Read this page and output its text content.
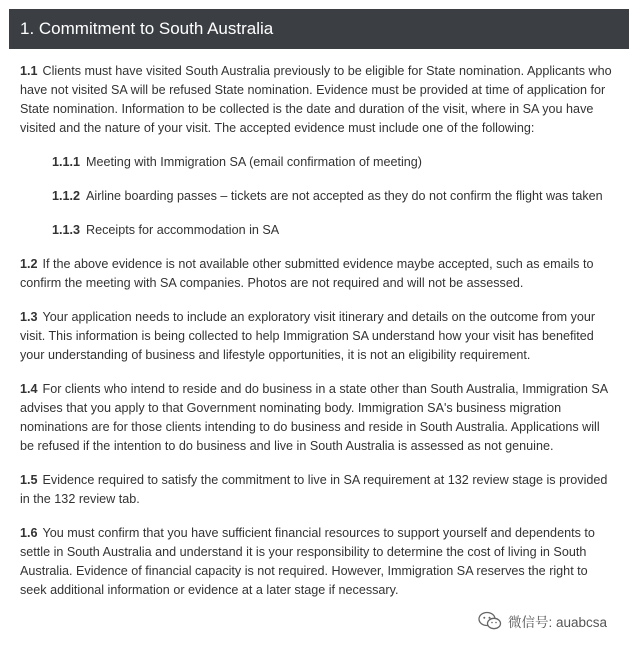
1. Commitment to South Australia

1.1 Clients must have visited South Australia previously to be eligible for State nomination. Applicants who have not visited SA will be refused State nomination. Evidence must be provided at time of application for State nomination. Information to be collected is the date and duration of the visit, where in SA you have visited and the nature of your visit. The accepted evidence must include one of the following:

1.1.1 Meeting with Immigration SA (email confirmation of meeting)

1.1.2 Airline boarding passes – tickets are not accepted as they do not confirm the flight was taken

1.1.3 Receipts for accommodation in SA

1.2 If the above evidence is not available other submitted evidence maybe accepted, such as emails to confirm the meeting with SA companies. Photos are not required and will not be assessed.

1.3 Your application needs to include an exploratory visit itinerary and details on the outcome from your visit. This information is being collected to help Immigration SA understand how your visit has benefited your understanding of business and lifestyle opportunities, it is not an eligibility requirement.

1.4 For clients who intend to reside and do business in a state other than South Australia, Immigration SA advises that you apply to that Government nominating body. Immigration SA's business migration nominations are for those clients intending to do business and reside in South Australia. Applications will be refused if the intention to do business and live in South Australia is assessed as not genuine.

1.5 Evidence required to satisfy the commitment to live in SA requirement at 132 review stage is provided in the 132 review tab.

1.6 You must confirm that you have sufficient financial resources to support yourself and dependents to settle in South Australia and understand it is your responsibility to determine the cost of living in South Australia. Evidence of financial capacity is not required. However, Immigration SA reserves the right to seek additional information or evidence at a later stage if necessary.

微信号: auabcsa
